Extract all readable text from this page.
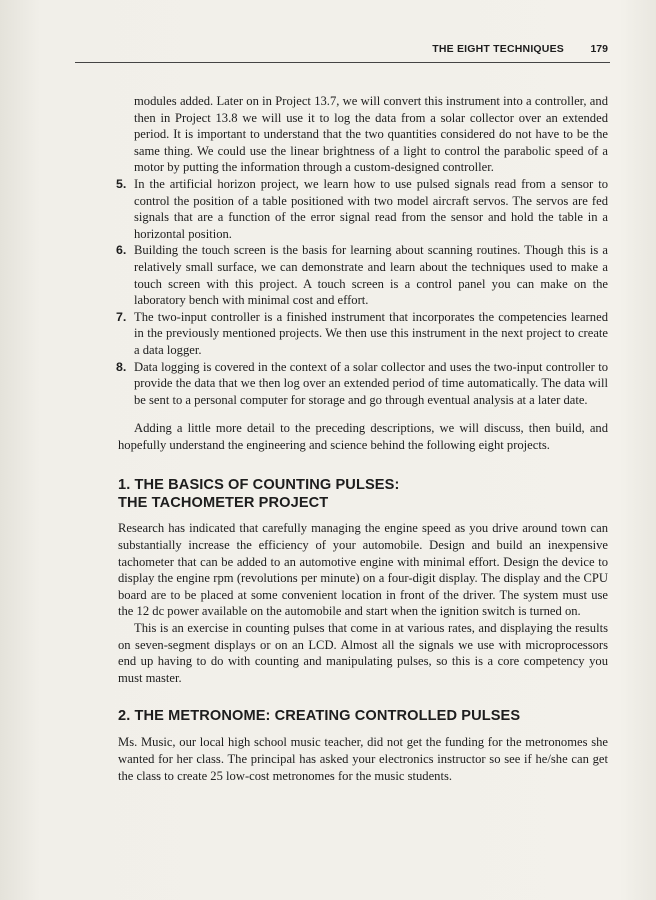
THE EIGHT TECHNIQUES	179

modules added. Later on in Project 13.7, we will convert this instrument into a controller, and then in Project 13.8 we will use it to log the data from a solar collector over an extended period. It is important to understand that the two quantities considered do not have to be the same thing. We could use the linear brightness of a light to control the parabolic speed of a motor by putting the information through a custom-designed controller.

5. In the artificial horizon project, we learn how to use pulsed signals read from a sensor to control the position of a table positioned with two model aircraft servos. The servos are fed signals that are a function of the error signal read from the sensor and hold the table in a horizontal position.
6. Building the touch screen is the basis for learning about scanning routines. Though this is a relatively small surface, we can demonstrate and learn about the techniques used to make a touch screen with this project. A touch screen is a control panel you can make on the laboratory bench with minimal cost and effort.
7. The two-input controller is a finished instrument that incorporates the competencies learned in the previously mentioned projects. We then use this instrument in the next project to create a data logger.
8. Data logging is covered in the context of a solar collector and uses the two-input controller to provide the data that we then log over an extended period of time automatically. The data will be sent to a personal computer for storage and go through eventual analysis at a later date.

Adding a little more detail to the preceding descriptions, we will discuss, then build, and hopefully understand the engineering and science behind the following eight projects.

1. THE BASICS OF COUNTING PULSES:
THE TACHOMETER PROJECT

Research has indicated that carefully managing the engine speed as you drive around town can substantially increase the efficiency of your automobile. Design and build an inexpensive tachometer that can be added to an automotive engine with minimal effort. Design the device to display the engine rpm (revolutions per minute) on a four-digit display. The display and the CPU board are to be placed at some convenient location in front of the driver. The system must use the 12 dc power available on the automobile and start when the ignition switch is turned on.

This is an exercise in counting pulses that come in at various rates, and displaying the results on seven-segment displays or on an LCD. Almost all the signals we use with microprocessors end up having to do with counting and manipulating pulses, so this is a core competency you must master.

2. THE METRONOME: CREATING CONTROLLED PULSES

Ms. Music, our local high school music teacher, did not get the funding for the metronomes she wanted for her class. The principal has asked your electronics instructor so see if he/she can get the class to create 25 low-cost metronomes for the music students.
